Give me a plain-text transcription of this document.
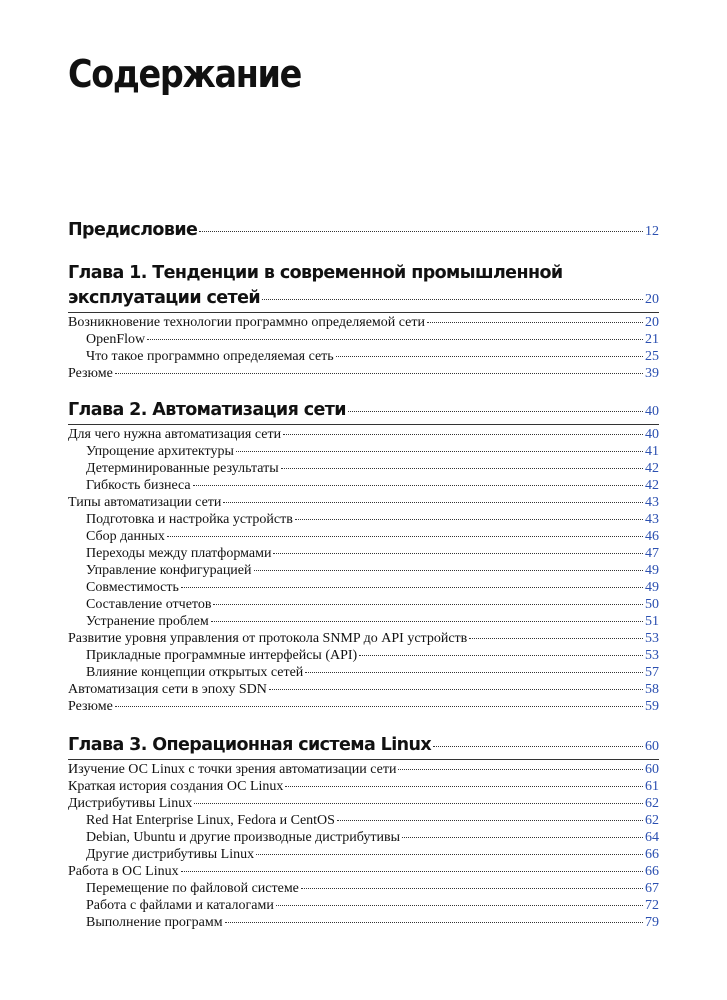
Содержание
Предисловие	12
Глава 1. Тенденции в современной промышленной
эксплуатации сетей	20
Возникновение технологии программно определяемой сети	20
OpenFlow	21
Что такое программно определяемая сеть	25
Резюме	39
Глава 2. Автоматизация сети	40
Для чего нужна автоматизация сети	40
Упрощение архитектуры	41
Детерминированные результаты	42
Гибкость бизнеса	42
Типы автоматизации сети	43
Подготовка и настройка устройств	43
Сбор данных	46
Переходы между платформами	47
Управление конфигурацией	49
Совместимость	49
Составление отчетов	50
Устранение проблем	51
Развитие уровня управления от протокола SNMP до API устройств	53
Прикладные программные интерфейсы (API)	53
Влияние концепции открытых сетей	57
Автоматизация сети в эпоху SDN	58
Резюме	59
Глава 3. Операционная система Linux	60
Изучение ОС Linux с точки зрения автоматизации сети	60
Краткая история создания ОС Linux	61
Дистрибутивы Linux	62
Red Hat Enterprise Linux, Fedora и CentOS	62
Debian, Ubuntu и другие производные дистрибутивы	64
Другие дистрибутивы Linux	66
Работа в ОС Linux	66
Перемещение по файловой системе	67
Работа с файлами и каталогами	72
Выполнение программ	79
